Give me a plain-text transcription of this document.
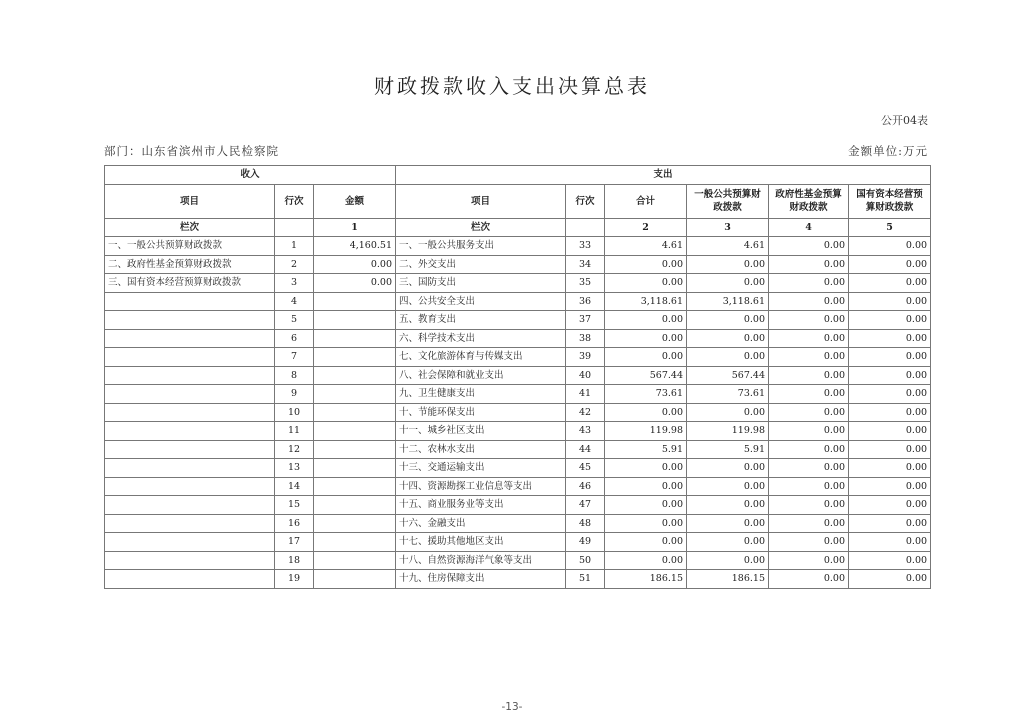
财政拨款收入支出决算总表
公开04表
部门：山东省滨州市人民检察院	金额单位:万元
收入			支出					
项目	行次	金额	项目	行次	合计	一般公共预算财政拨款	政府性基金预算财政拨款	国有资本经营预算财政拨款
栏次		1	栏次		2	3	4	5
一、一般公共预算财政拨款	1	4,160.51	一、一般公共服务支出	33	4.61	4.61	0.00	0.00
二、政府性基金预算财政拨款	2	0.00	二、外交支出	34	0.00	0.00	0.00	0.00
三、国有资本经营预算财政拨款	3	0.00	三、国防支出	35	0.00	0.00	0.00	0.00
	4		四、公共安全支出	36	3,118.61	3,118.61	0.00	0.00
	5		五、教育支出	37	0.00	0.00	0.00	0.00
	6		六、科学技术支出	38	0.00	0.00	0.00	0.00
	7		七、文化旅游体育与传媒支出	39	0.00	0.00	0.00	0.00
	8		八、社会保障和就业支出	40	567.44	567.44	0.00	0.00
	9		九、卫生健康支出	41	73.61	73.61	0.00	0.00
	10		十、节能环保支出	42	0.00	0.00	0.00	0.00
	11		十一、城乡社区支出	43	119.98	119.98	0.00	0.00
	12		十二、农林水支出	44	5.91	5.91	0.00	0.00
	13		十三、交通运输支出	45	0.00	0.00	0.00	0.00
	14		十四、资源勘探工业信息等支出	46	0.00	0.00	0.00	0.00
	15		十五、商业服务业等支出	47	0.00	0.00	0.00	0.00
	16		十六、金融支出	48	0.00	0.00	0.00	0.00
	17		十七、援助其他地区支出	49	0.00	0.00	0.00	0.00
	18		十八、自然资源海洋气象等支出	50	0.00	0.00	0.00	0.00
	19		十九、住房保障支出	51	186.15	186.15	0.00	0.00
-13-
